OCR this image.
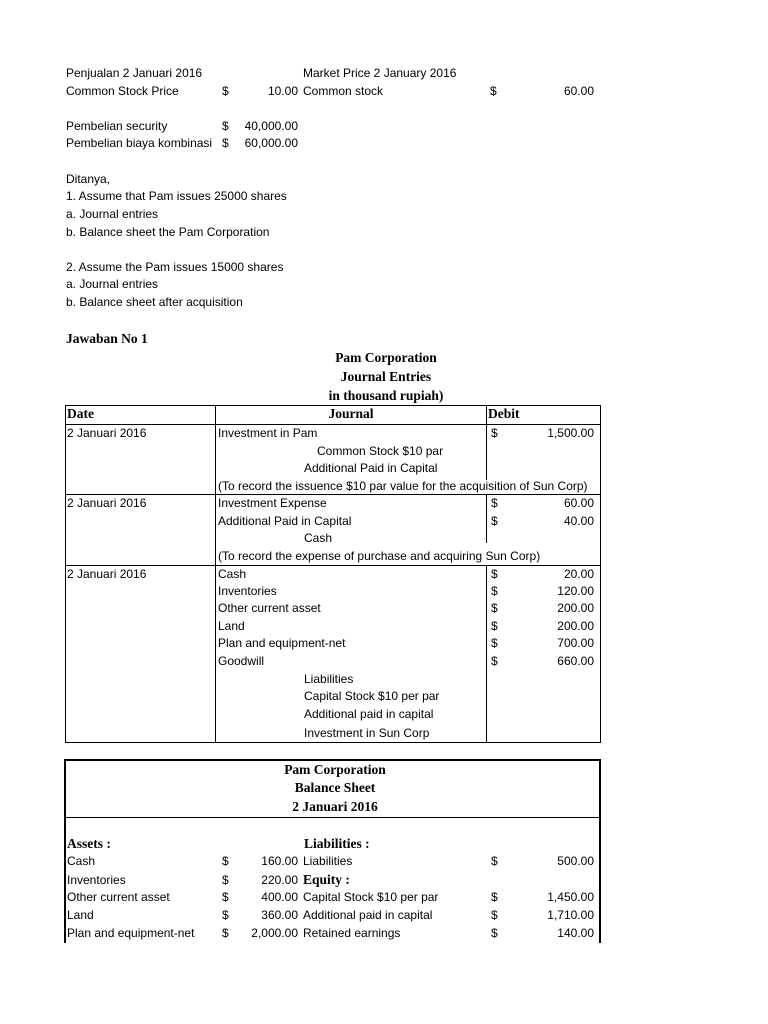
Penjualan 2 Januari 2016	Market Price 2 January 2016
Common Stock Price	$	10.00 Common stock	$	60.00
Pembelian security	$	40,000.00
Pembelian biaya kombinasi $	60,000.00
Ditanya,
1. Assume that Pam issues 25000 shares
a. Journal entries
b. Balance sheet the Pam Corporation
2. Assume the Pam issues 15000 shares
a. Journal entries
b. Balance sheet after acquisition
Jawaban No 1
Pam Corporation
Journal Entries
in thousand rupiah)
Date	Journal	Debit
2 Januari 2016	Investment in Pam	$	1,500.00
Common Stock $10 par
Additional Paid in Capital
(To record the issuence $10 par value for the acquisition of Sun Corp)
2 Januari 2016	Investment Expense	$	60.00
Additional Paid in Capital	$	40.00
Cash
(To record the expense of purchase and acquiring Sun Corp)
2 Januari 2016	Cash	$	20.00
Inventories	$	120.00
Other current asset	$	200.00
Land	$	200.00
Plan and equipment-net	$	700.00
Goodwill	$	660.00
Liabilities
Capital Stock $10 per par
Additional paid in capital
Investment in Sun Corp
Pam Corporation
Balance Sheet
2 Januari 2016
Assets :	Liabilities :
Cash	$	160.00 Liabilities	$	500.00
Inventories	$	220.00 Equity :
Other current asset	$	400.00 Capital Stock $10 per par	$	1,450.00
Land	$	360.00 Additional paid in capital	$	1,710.00
Plan and equipment-net $	2,000.00 Retained earnings	$	140.00
